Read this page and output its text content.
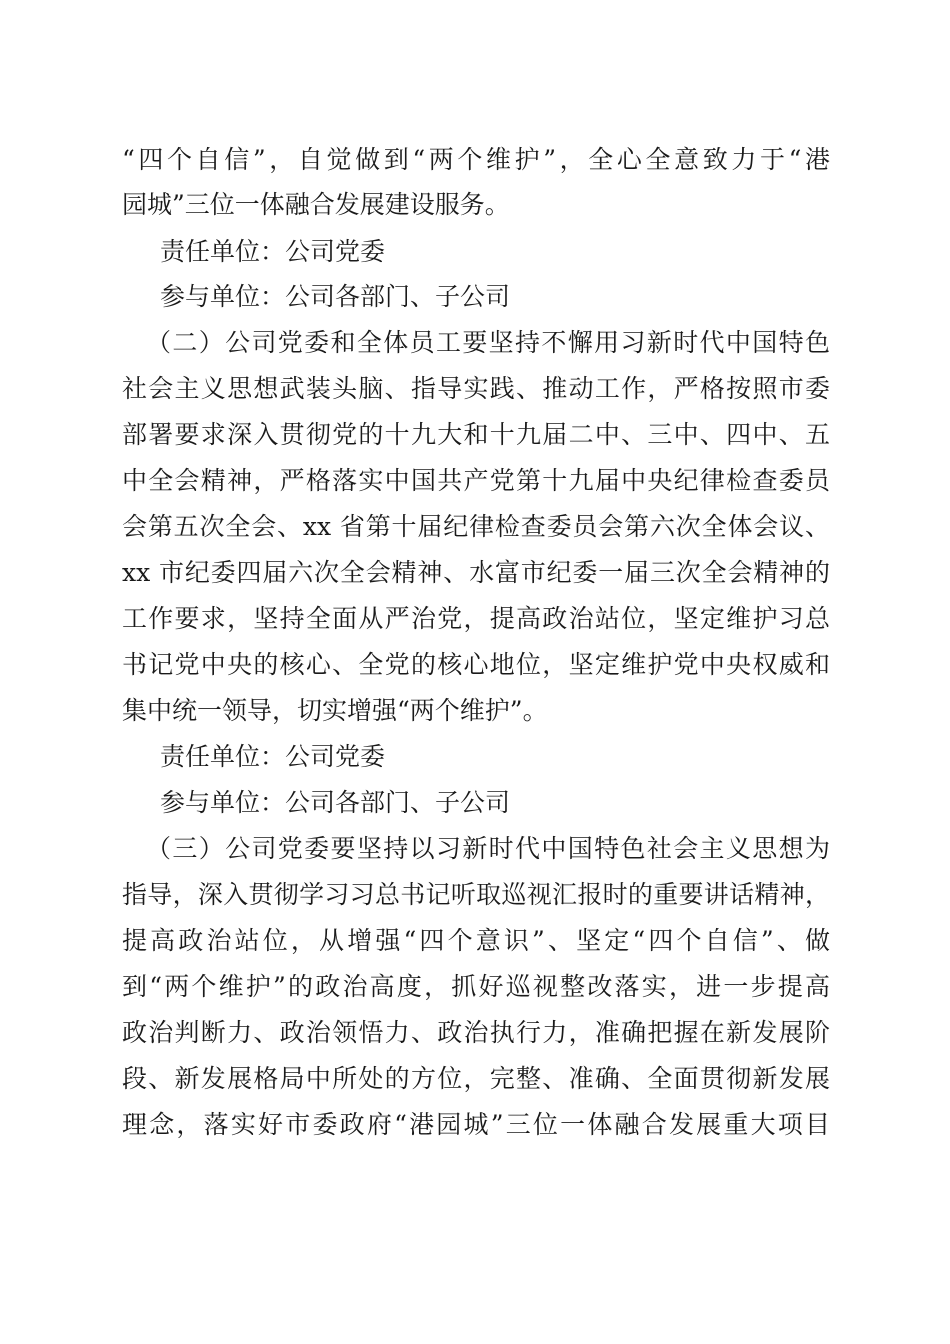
“四个自信”，自觉做到“两个维护”，全心全意致力于“港
园城”三位一体融合发展建设服务。
责任单位：公司党委
参与单位：公司各部门、子公司
（二）公司党委和全体员工要坚持不懈用习新时代中国特色
社会主义思想武装头脑、指导实践、推动工作，严格按照市委
部署要求深入贯彻党的十九大和十九届二中、三中、四中、五
中全会精神，严格落实中国共产党第十九届中央纪律检查委员
会第五次全会、xx 省第十届纪律检查委员会第六次全体会议、
xx 市纪委四届六次全会精神、水富市纪委一届三次全会精神的
工作要求，坚持全面从严治党，提高政治站位，坚定维护习总
书记党中央的核心、全党的核心地位，坚定维护党中央权威和
集中统一领导，切实增强“两个维护”。
责任单位：公司党委
参与单位：公司各部门、子公司
（三）公司党委要坚持以习新时代中国特色社会主义思想为
指导，深入贯彻学习习总书记听取巡视汇报时的重要讲话精神，
提高政治站位，从增强“四个意识”、坚定“四个自信”、做
到“两个维护”的政治高度，抓好巡视整改落实，进一步提高
政治判断力、政治领悟力、政治执行力，准确把握在新发展阶
段、新发展格局中所处的方位，完整、准确、全面贯彻新发展
理念，落实好市委政府“港园城”三位一体融合发展重大项目
